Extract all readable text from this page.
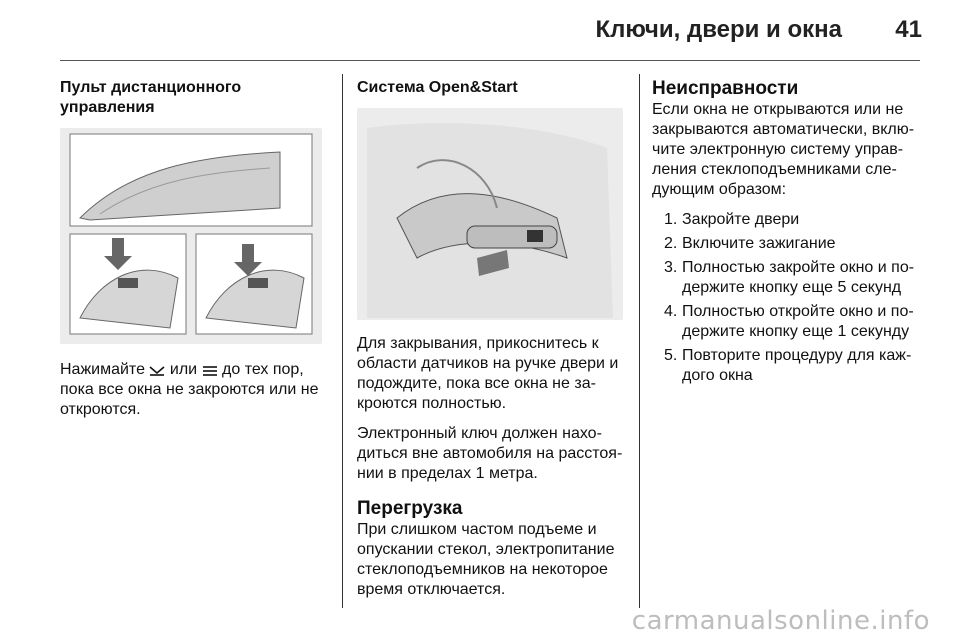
Ключи, двери и окна 41
Пульт дистанционного управления

Нажимайте или до тех пор,
пока все окна не закроются или не
откроются.

Система Open&Start

Для закрывания, прикоснитесь к
области датчиков на ручке двери и
подождите, пока все окна не за-
кроются полностью.

Электронный ключ должен нахо-
диться вне автомобиля на расстоя-
нии в пределах 1 метра.

Перегрузка

При слишком частом подъеме и
опускании стекол, электропитание
стеклоподъемников на некоторое
время отключается.

Неисправности

Если окна не открываются или не
закрываются автоматически, вклю-
чите электронную систему управ-
ления стеклоподъемниками сле-
дующим образом:

1. Закройте двери
2. Включите зажигание
3. Полностью закройте окно и по-
держите кнопку еще 5 секунд
4. Полностью откройте окно и по-
держите кнопку еще 1 секунду
5. Повторите процедуру для каж-
дого окна
carmanualsonline.info
